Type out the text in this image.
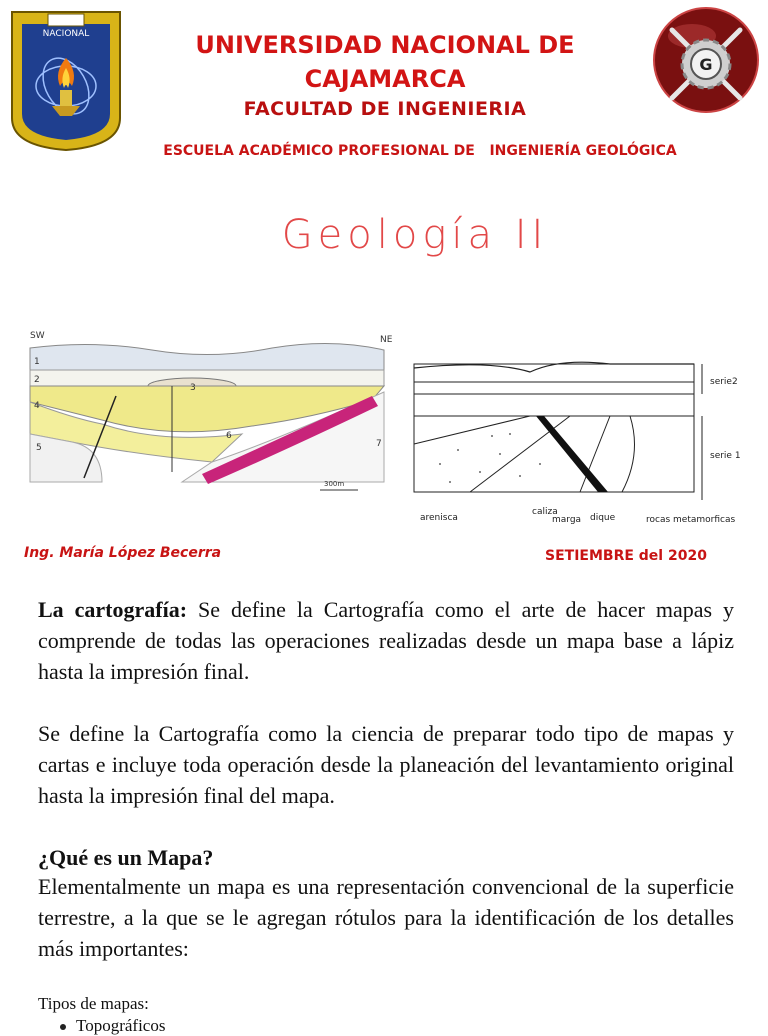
NACIONAL
G
UNIVERSIDAD NACIONAL DE
CAJAMARCA

FACULTAD DE INGENIERIA

ESCUELA ACADÉMICO PROFESIONAL DE   INGENIERÍA GEOLÓGICA

Geología II

SW	NE
1
2
3
4
5
6
7
300m
serie2
serie 1
arenisca
caliza
marga dique	rocas metamorficas

Ing. María López Becerra	SETIEMBRE del 2020

La cartografía: Se define la Cartografía como el arte de hacer mapas y comprende de todas las operaciones realizadas desde un mapa base a lápiz hasta la impresión final.

Se define la Cartografía como la ciencia de preparar todo tipo de mapas y cartas e incluye toda operación desde la planeación del levantamiento original hasta la impresión final del mapa.

¿Qué es un Mapa?

Elementalmente un mapa es una representación convencional de la superficie terrestre, a la que se le agregan rótulos para la identificación de los detalles más importantes:

Tipos de mapas:

Topográficos
